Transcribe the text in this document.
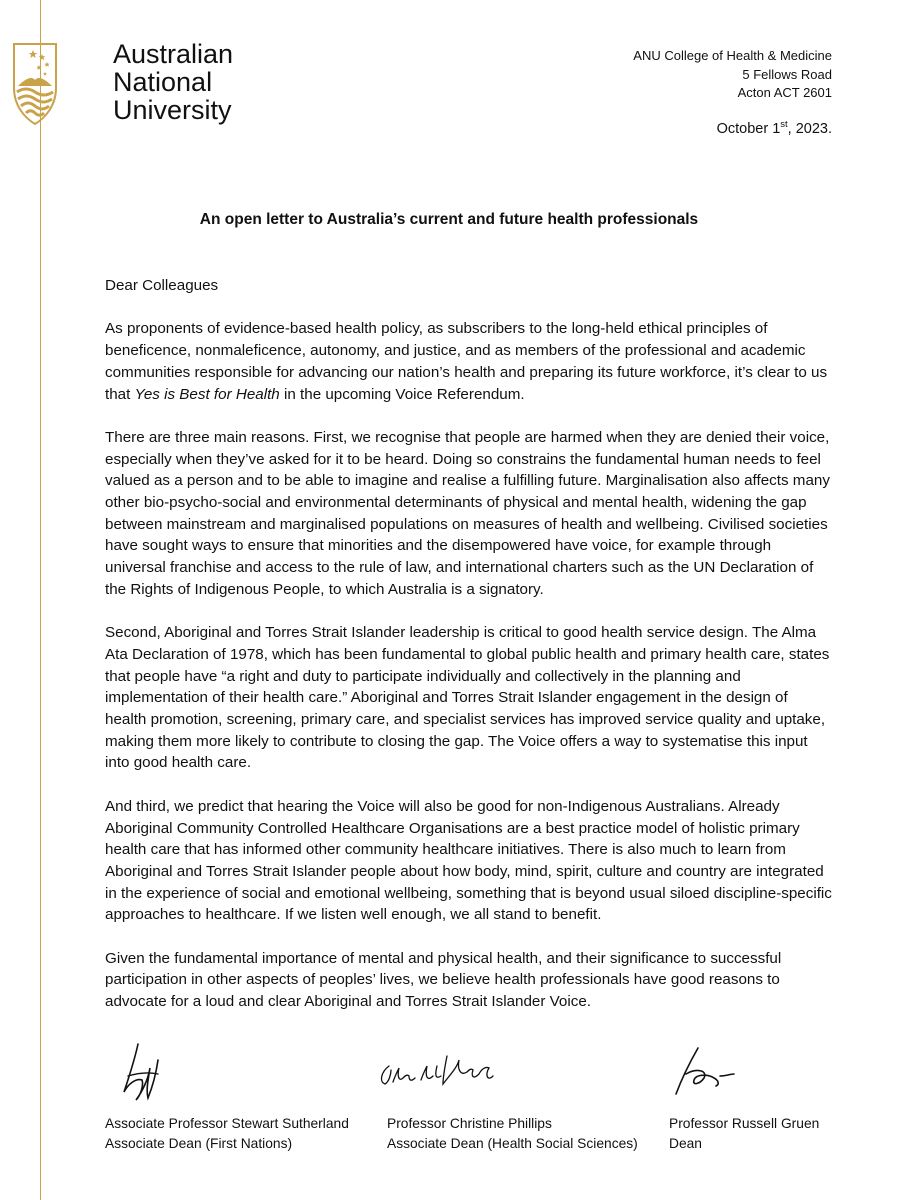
Australian
National
University
ANU College of Health & Medicine
5 Fellows Road
Acton ACT 2601
October 1st, 2023.
An open letter to Australia’s current and future health professionals

Dear Colleagues

As proponents of evidence-based health policy, as subscribers to the long-held ethical principles of beneficence, nonmaleficence, autonomy, and justice, and as members of the professional and academic communities responsible for advancing our nation’s health and preparing its future workforce, it’s clear to us that Yes is Best for Health in the upcoming Voice Referendum.

There are three main reasons. First, we recognise that people are harmed when they are denied their voice, especially when they’ve asked for it to be heard. Doing so constrains the fundamental human needs to feel valued as a person and to be able to imagine and realise a fulfilling future. Marginalisation also affects many other bio-psycho-social and environmental determinants of physical and mental health, widening the gap between mainstream and marginalised populations on measures of health and wellbeing. Civilised societies have sought ways to ensure that minorities and the disempowered have voice, for example through universal franchise and access to the rule of law, and international charters such as the UN Declaration of the Rights of Indigenous People, to which Australia is a signatory.

Second, Aboriginal and Torres Strait Islander leadership is critical to good health service design. The Alma Ata Declaration of 1978, which has been fundamental to global public health and primary health care, states that people have “a right and duty to participate individually and collectively in the planning and implementation of their health care.” Aboriginal and Torres Strait Islander engagement in the design of health promotion, screening, primary care, and specialist services has improved service quality and uptake, making them more likely to contribute to closing the gap. The Voice offers a way to systematise this input into good health care.

And third, we predict that hearing the Voice will also be good for non-Indigenous Australians. Already Aboriginal Community Controlled Healthcare Organisations are a best practice model of holistic primary health care that has informed other community healthcare initiatives. There is also much to learn from Aboriginal and Torres Strait Islander people about how body, mind, spirit, culture and country are integrated in the experience of social and emotional wellbeing, something that is beyond usual siloed discipline-specific approaches to healthcare. If we listen well enough, we all stand to benefit.

Given the fundamental importance of mental and physical health, and their significance to successful participation in other aspects of peoples’ lives, we believe health professionals have good reasons to advocate for a loud and clear Aboriginal and Torres Strait Islander Voice.

Associate Professor Stewart Sutherland
Associate Dean (First Nations)
Professor Christine Phillips
Associate Dean (Health Social Sciences)
Professor Russell Gruen
Dean
